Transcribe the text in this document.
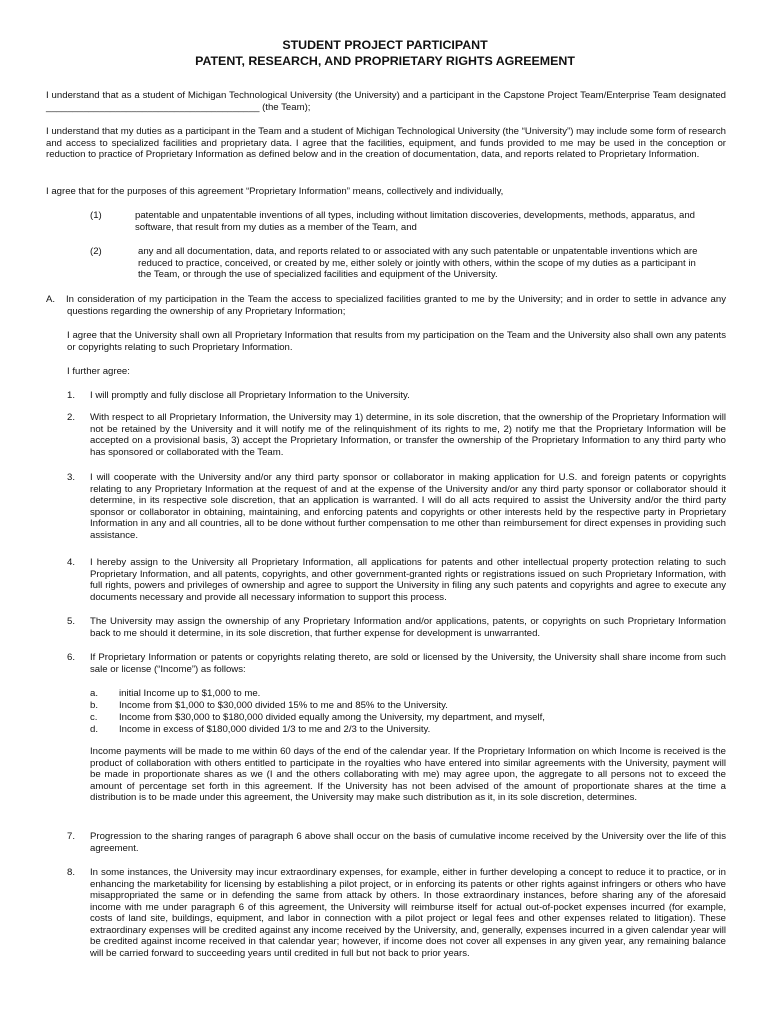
STUDENT PROJECT PARTICIPANT
PATENT, RESEARCH, AND PROPRIETARY RIGHTS AGREEMENT

I understand that as a student of Michigan Technological University (the University) and a participant in the Capstone Project Team/Enterprise Team designated ________________________________________ (the Team);

I understand that my duties as a participant in the Team and a student of Michigan Technological University (the “University”) may include some form of research and access to specialized facilities and proprietary data. I agree that the facilities, equipment, and funds provided to me may be used in the conception or reduction to practice of Proprietary Information as defined below and in the creation of documentation, data, and reports related to Proprietary Information.

I agree that for the purposes of this agreement “Proprietary Information” means, collectively and individually,

(1)	patentable and unpatentable inventions of all types, including without limitation discoveries, developments, methods, apparatus, and software, that result from my duties as a member of the Team, and

(2)	any and all documentation, data, and reports related to or associated with any such patentable or unpatentable inventions which are reduced to practice, conceived, or created by me, either solely or jointly with others, within the scope of my duties as a participant in the Team, or through the use of specialized facilities and equipment of the University.

A. In consideration of my participation in the Team the access to specialized facilities granted to me by the University; and in order to settle in advance any questions regarding the ownership of any Proprietary Information;

I agree that the University shall own all Proprietary Information that results from my participation on the Team and the University also shall own any patents or copyrights relating to such Proprietary Information.

I further agree:

1. I will promptly and fully disclose all Proprietary Information to the University.

2. With respect to all Proprietary Information, the University may 1) determine, in its sole discretion, that the ownership of the Proprietary Information will not be retained by the University and it will notify me of the relinquishment of its rights to me, 2) notify me that the Proprietary Information will be accepted on a provisional basis, 3) accept the Proprietary Information, or transfer the ownership of the Proprietary Information to any third party who has sponsored or collaborated with the Team.

3. I will cooperate with the University and/or any third party sponsor or collaborator in making application for U.S. and foreign patents or copyrights relating to any Proprietary Information at the request of and at the expense of the University and/or any third party sponsor or collaborator should it determine, in its respective sole discretion, that an application is warranted. I will do all acts required to assist the University and/or the third party sponsor or collaborator in obtaining, maintaining, and enforcing patents and copyrights or other interests held by the respective party in Proprietary Information in any and all countries, all to be done without further compensation to me other than reimbursement for direct expenses in providing such assistance.

4. I hereby assign to the University all Proprietary Information, all applications for patents and other intellectual property protection relating to such Proprietary Information, and all patents, copyrights, and other government-granted rights or registrations issued on such Proprietary Information, with full rights, powers and privileges of ownership and agree to support the University in filing any such patents and copyrights and agree to execute any documents necessary and provide all necessary information to support this process.

5. The University may assign the ownership of any Proprietary Information and/or applications, patents, or copyrights on such Proprietary Information back to me should it determine, in its sole discretion, that further expense for development is unwarranted.

6. If Proprietary Information or patents or copyrights relating thereto, are sold or licensed by the University, the University shall share income from such sale or license (“Income”) as follows:

a. initial Income up to $1,000 to me.
b. Income from $1,000 to $30,000 divided 15% to me and 85% to the University.
c. Income from $30,000 to $180,000 divided equally among the University, my department, and myself,
d. Income in excess of $180,000 divided 1/3 to me and 2/3 to the University.

Income payments will be made to me within 60 days of the end of the calendar year. If the Proprietary Information on which Income is received is the product of collaboration with others entitled to participate in the royalties who have entered into similar agreements with the University, payment will be made in proportionate shares as we (I and the others collaborating with me) may agree upon, the aggregate to all persons not to exceed the amount of percentage set forth in this agreement. If the University has not been advised of the amount of proportionate shares at the time a distribution is to be made under this agreement, the University may make such distribution as it, in its sole discretion, determines.

7. Progression to the sharing ranges of paragraph 6 above shall occur on the basis of cumulative income received by the University over the life of this agreement.

8. In some instances, the University may incur extraordinary expenses, for example, either in further developing a concept to reduce it to practice, or in enhancing the marketability for licensing by establishing a pilot project, or in enforcing its patents or other rights against infringers or others who have misappropriated the same or in defending the same from attack by others. In those extraordinary instances, before sharing any of the aforesaid income with me under paragraph 6 of this agreement, the University will reimburse itself for actual out-of-pocket expenses incurred (for example, costs of land site, buildings, equipment, and labor in connection with a pilot project or legal fees and other expenses related to litigation). These extraordinary expenses will be credited against any income received by the University, and, generally, expenses incurred in a given calendar year will be credited against income received in that calendar year; however, if income does not cover all expenses in any given year, any remaining balance will be carried forward to succeeding years until credited in full but not back to prior years.
